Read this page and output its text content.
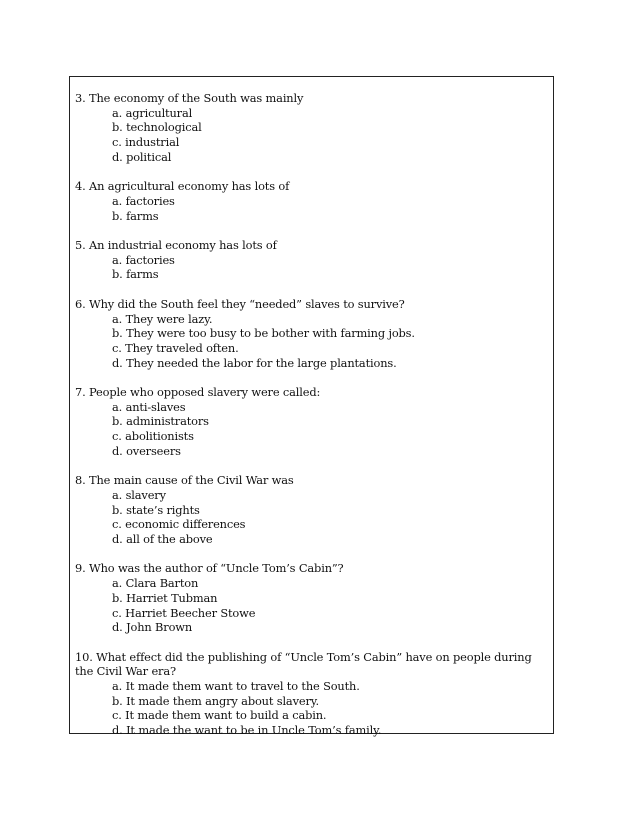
3. The economy of the South was mainly
a. agricultural
b. technological
c. industrial
d. political
4. An agricultural economy has lots of
a. factories
b. farms
5. An industrial economy has lots of
a. factories
b. farms
6. Why did the South feel they “needed” slaves to survive?
a. They were lazy.
b. They were too busy to be bother with farming jobs.
c. They traveled often.
d. They needed the labor for the large plantations.
7. People who opposed slavery were called:
a. anti-slaves
b. administrators
c. abolitionists
d. overseers
8. The main cause of the Civil War was
a. slavery
b. state’s rights
c. economic differences
d. all of the above
9. Who was the author of “Uncle Tom’s Cabin”?
a. Clara Barton
b. Harriet Tubman
c. Harriet Beecher Stowe
d. John Brown
10. What effect did the publishing of “Uncle Tom’s Cabin” have on people during the Civil War era?
a. It made them want to travel to the South.
b. It made them angry about slavery.
c. It made them want to build a cabin.
d. It made the want to be in Uncle Tom’s family.
